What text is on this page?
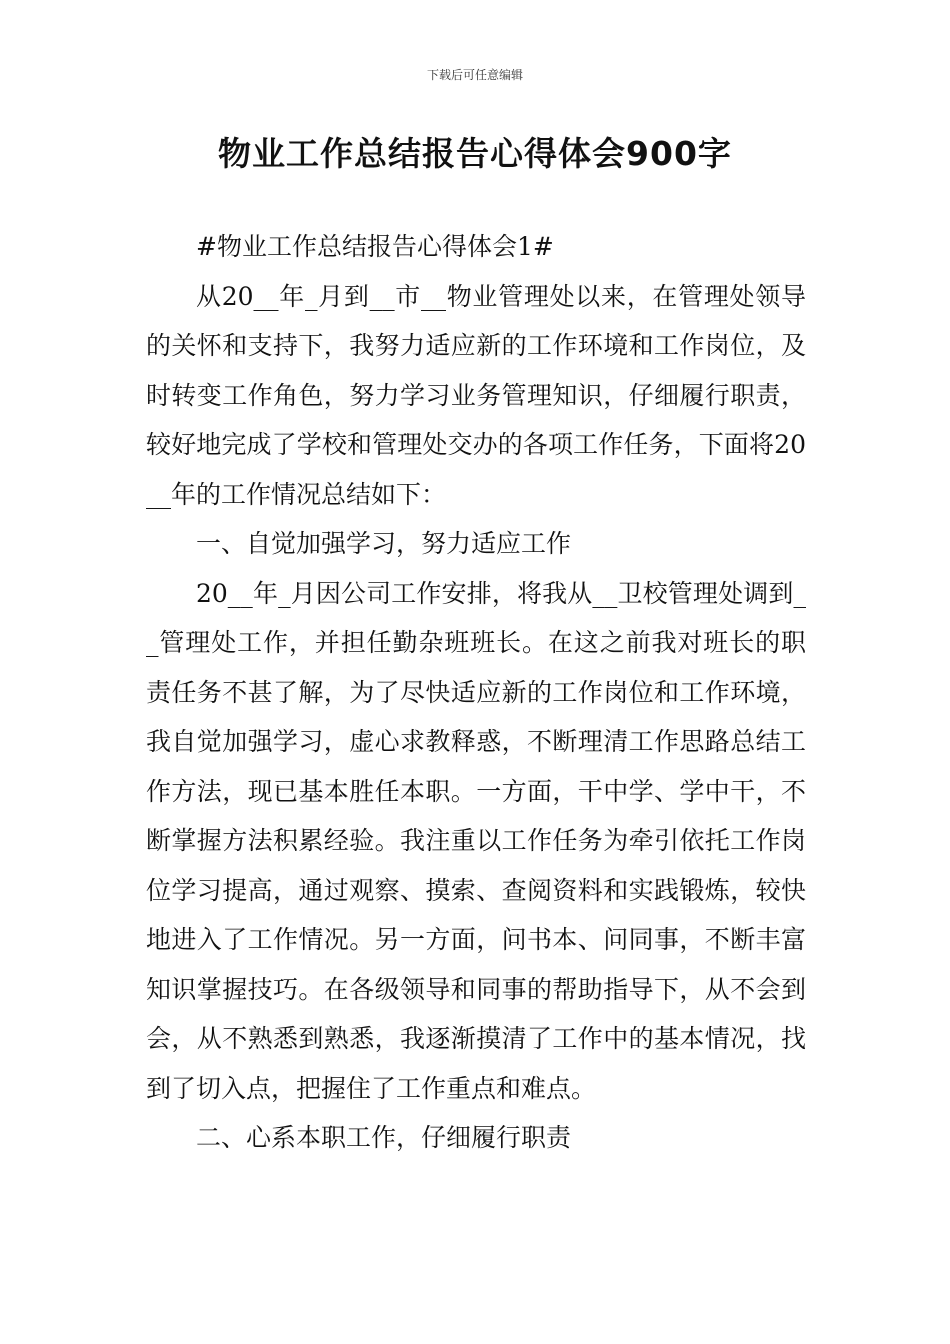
下载后可任意编辑
物业工作总结报告心得体会900字

#物业工作总结报告心得体会1#

从20__年_月到__市__物业管理处以来，在管理处领导的关怀和支持下，我努力适应新的工作环境和工作岗位，及时转变工作角色，努力学习业务管理知识，仔细履行职责，较好地完成了学校和管理处交办的各项工作任务，下面将20__年的工作情况总结如下：

一、自觉加强学习，努力适应工作

20__年_月因公司工作安排，将我从__卫校管理处调到__管理处工作，并担任勤杂班班长。在这之前我对班长的职责任务不甚了解，为了尽快适应新的工作岗位和工作环境，我自觉加强学习，虚心求教释惑，不断理清工作思路总结工作方法，现已基本胜任本职。一方面，干中学、学中干，不断掌握方法积累经验。我注重以工作任务为牵引依托工作岗位学习提高，通过观察、摸索、查阅资料和实践锻炼，较快地进入了工作情况。另一方面，问书本、问同事，不断丰富知识掌握技巧。在各级领导和同事的帮助指导下，从不会到会，从不熟悉到熟悉，我逐渐摸清了工作中的基本情况，找到了切入点，把握住了工作重点和难点。

二、心系本职工作，仔细履行职责
